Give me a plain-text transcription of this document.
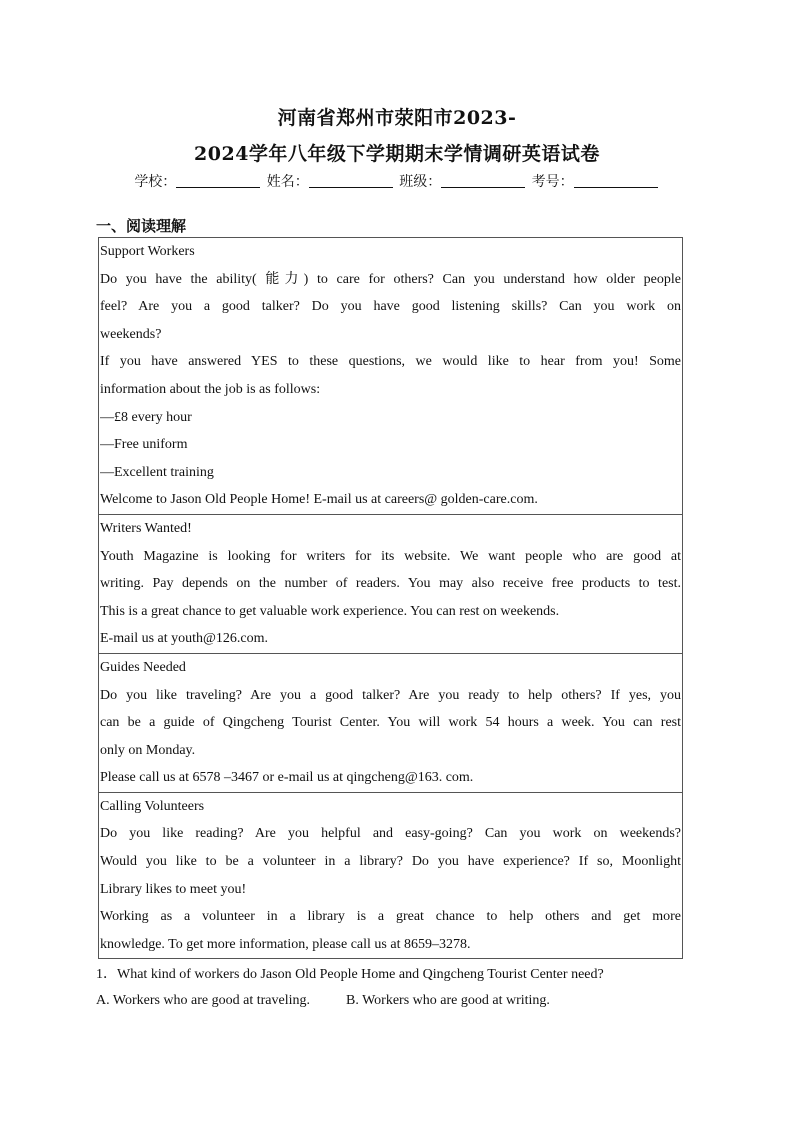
河南省郑州市荥阳市2023-
2024学年八年级下学期期末学情调研英语试卷
学校：	姓名：	班级：	考号：
一、阅读理解
Support Workers
Do you have the ability( 能力) to care for others? Can you understand how older people
feel? Are you a good talker? Do you have good listening skills? Can you work on
weekends?
If you have answered YES to these questions, we would like to hear from you! Some
information about the job is as follows:
—£8 every hour
—Free uniform
—Excellent training
Welcome to Jason Old People Home! E-mail us at careers@ golden-care.com.
Writers Wanted!
Youth Magazine is looking for writers for its website. We want people who are good at
writing. Pay depends on the number of readers. You may also receive free products to test.
This is a great chance to get valuable work experience. You can rest on weekends.
E-mail us at youth@126.com.
Guides Needed
Do you like traveling? Are you a good talker? Are you ready to help others? If yes, you
can be a guide of Qingcheng Tourist Center. You will work 54 hours a week. You can rest
only on Monday.
Please call us at 6578 –3467 or e-mail us at qingcheng@163. com.
Calling Volunteers
Do you like reading? Are you helpful and easy-going? Can you work on weekends?
Would you like to be a volunteer in a library? Do you have experience? If so, Moonlight
Library likes to meet you!
Working as a volunteer in a library is a great chance to help others and get more
knowledge. To get more information, please call us at 8659–3278.
1．What kind of workers do Jason Old People Home and Qingcheng Tourist Center need?
A. Workers who are good at traveling.	B. Workers who are good at writing.
